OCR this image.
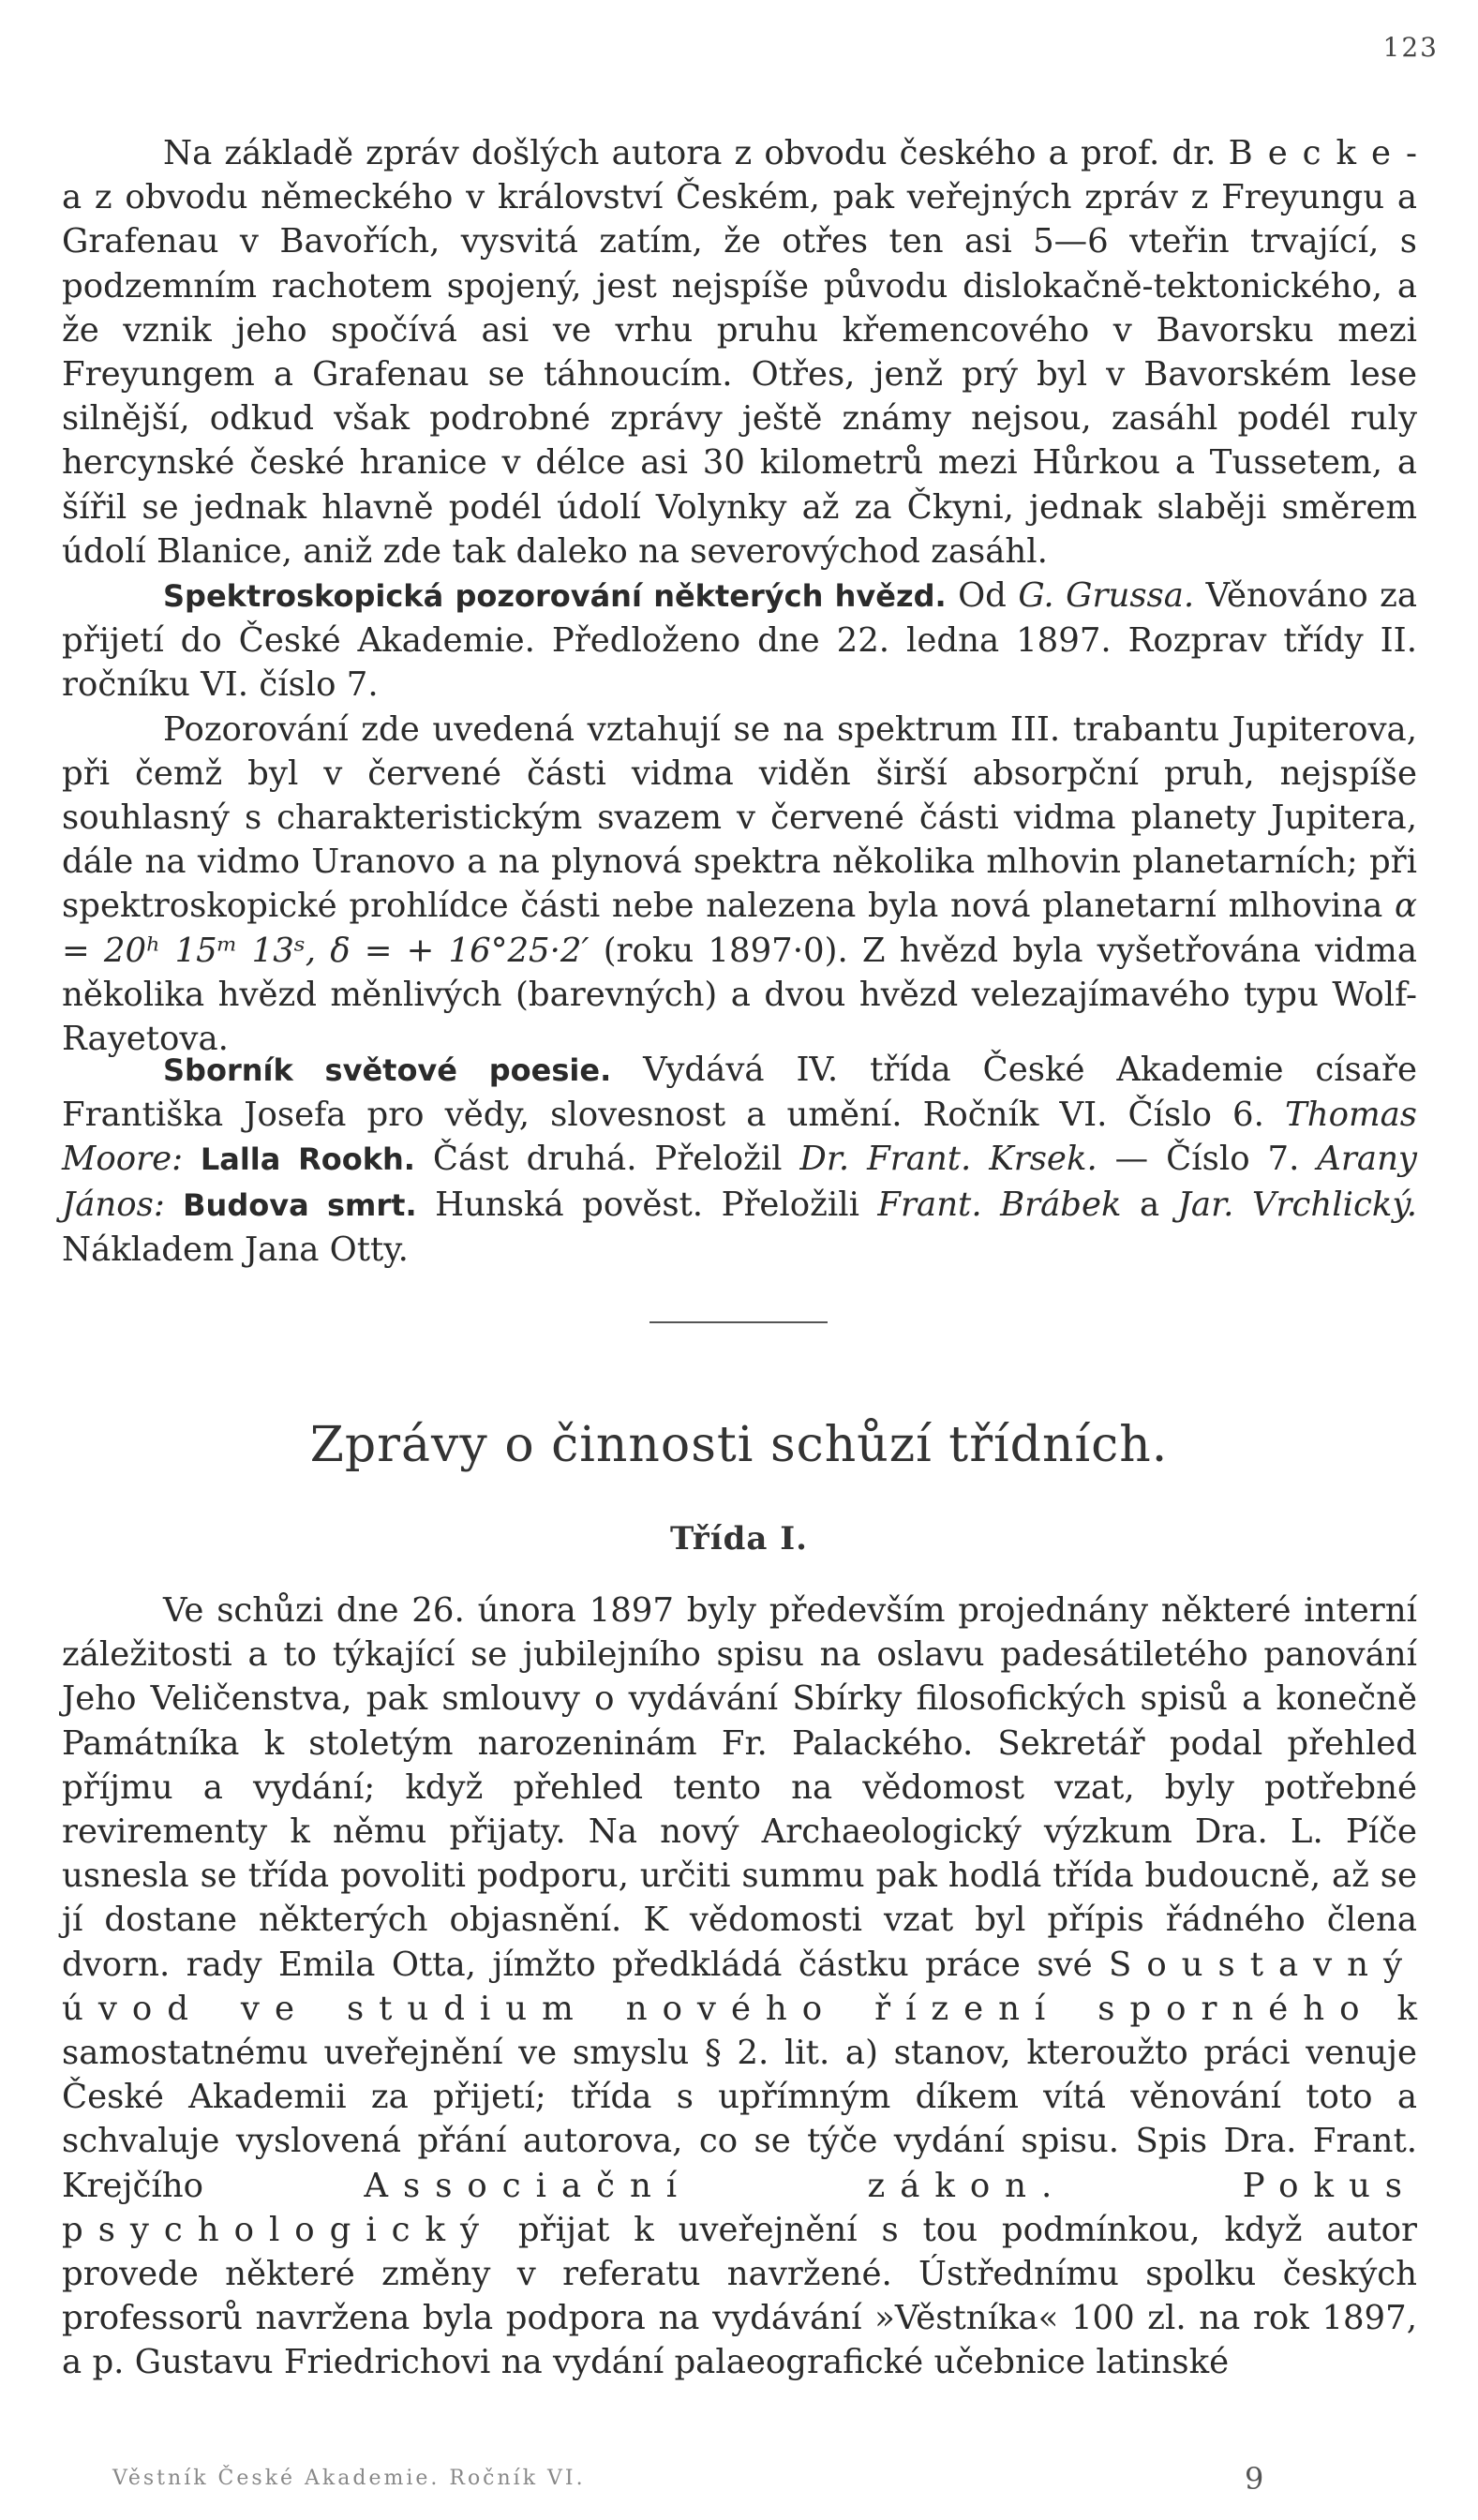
123

Na základě zpráv došlých autora z obvodu českého a prof. dr. Becke-a z obvodu německého v království Českém, pak veřejných zpráv z Freyungu a Grafenau v Bavořích, vysvitá zatím, že otřes ten asi 5—6 vteřin trvající, s podzemním rachotem spojený, jest nejspíše původu dislokačně-tektonického, a že vznik jeho spočívá asi ve vrhu pruhu křemencového v Bavorsku mezi Freyungem a Grafenau se táhnoucím. Otřes, jenž prý byl v Bavorském lese silnější, odkud však podrobné zprávy ještě známy nejsou, zasáhl podél ruly hercynské české hranice v délce asi 30 kilometrů mezi Hůrkou a Tussetem, a šířil se jednak hlavně podél údolí Volynky až za Čkyni, jednak slaběji směrem údolí Blanice, aniž zde tak daleko na severovýchod zasáhl.

Spektroskopická pozorování některých hvězd. Od G. Grussa. Věnováno za přijetí do České Akademie. Předloženo dne 22. ledna 1897. Rozprav třídy II. ročníku VI. číslo 7.

Pozorování zde uvedená vztahují se na spektrum III. trabantu Jupiterova, při čemž byl v červené části vidma viděn širší absorpční pruh, nejspíše souhlasný s charakteristickým svazem v červené části vidma planety Jupitera, dále na vidmo Uranovo a na plynová spektra několika mlhovin planetarních; při spektroskopické prohlídce části nebe nalezena byla nová planetarní mlhovina α = 20ʰ 15ᵐ 13ˢ, δ = + 16°25·2′ (roku 1897·0). Z hvězd byla vyšetřována vidma několika hvězd měnlivých (barevných) a dvou hvězd velezajímavého typu Wolf-Rayetova.

Sborník světové poesie. Vydává IV. třída České Akademie císaře Františka Josefa pro vědy, slovesnost a umění. Ročník VI. Číslo 6. Thomas Moore: Lalla Rookh. Část druhá. Přeložil Dr. Frant. Krsek. — Číslo 7. Arany János: Budova smrt. Hunská pověst. Přeložili Frant. Brábek a Jar. Vrchlický. Nákladem Jana Otty.

Zprávy o činnosti schůzí třídních.
Třída I.

Ve schůzi dne 26. února 1897 byly především projednány některé interní záležitosti a to týkající se jubilejního spisu na oslavu padesátiletého panování Jeho Veličenstva, pak smlouvy o vydávání Sbírky filosofických spisů a konečně Památníka k stoletým narozeninám Fr. Palackého. Sekretář podal přehled příjmu a vydání; když přehled tento na vědomost vzat, byly potřebné revirementy k němu přijaty. Na nový Archaeologický výzkum Dra. L. Píče usnesla se třída povoliti podporu, určiti summu pak hodlá třída budoucně, až se jí dostane některých objasnění. K vědomosti vzat byl přípis řádného člena dvorn. rady Emila Otta, jímžto předkládá částku práce své Soustavný úvod ve studium nového řízení sporného k samostatnému uveřejnění ve smyslu § 2. lit. a) stanov, kteroužto práci venuje České Akademii za přijetí; třída s upřímným díkem vítá věnování toto a schvaluje vyslovená přání autorova, co se týče vydání spisu. Spis Dra. Frant. Krejčího Associační zákon. Pokus psychologický přijat k uveřejnění s tou podmínkou, když autor provede některé změny v referatu navržené. Ústřednímu spolku českých professorů navržena byla podpora na vydávání »Věstníka« 100 zl. na rok 1897, a p. Gustavu Friedrichovi na vydání palaeografické učebnice latinské

Věstník České Akademie. Ročník VI.	9
